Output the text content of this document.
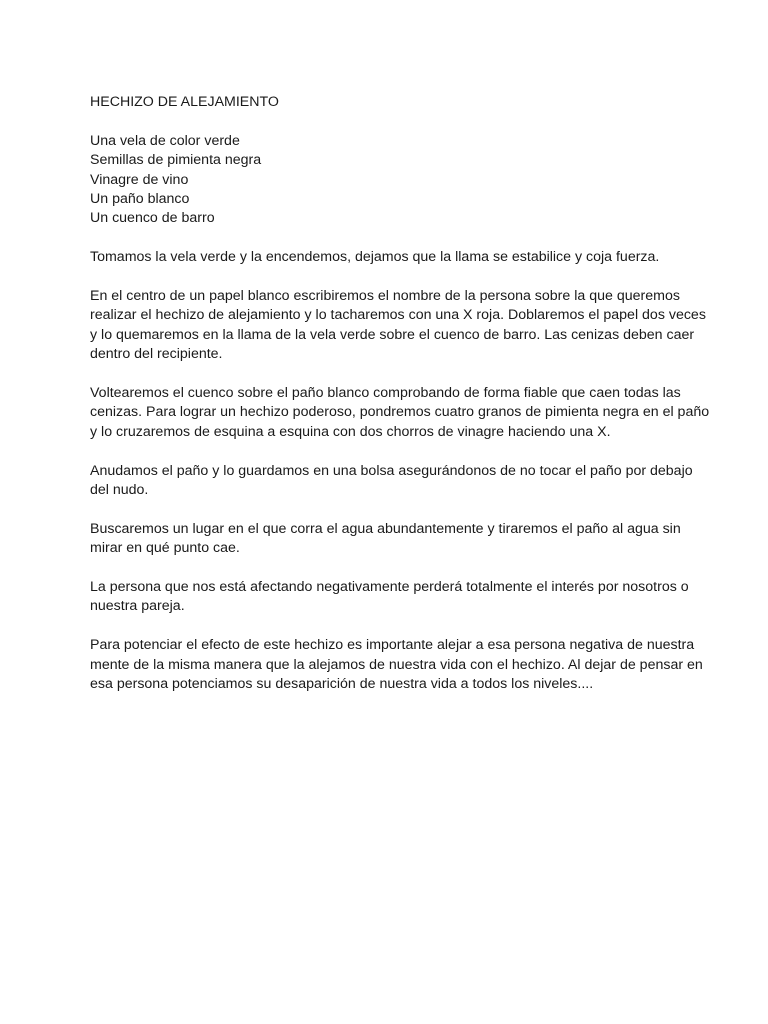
HECHIZO DE ALEJAMIENTO
Una vela de color verde
Semillas de pimienta negra
Vinagre de vino
Un paño blanco
Un cuenco de barro

Tomamos la vela verde y la encendemos, dejamos que la llama se estabilice y coja fuerza.

En el centro de un papel blanco escribiremos el nombre de la persona sobre la que queremos realizar el hechizo de alejamiento y lo tacharemos con una X roja. Doblaremos el papel dos veces y lo quemaremos en la llama de la vela verde sobre el cuenco de barro. Las cenizas deben caer dentro del recipiente.

Voltearemos el cuenco sobre el paño blanco comprobando de forma fiable que caen todas las cenizas. Para lograr un hechizo poderoso, pondremos cuatro granos de pimienta negra en el paño y lo cruzaremos de esquina a esquina con dos chorros de vinagre haciendo una X.

Anudamos el paño y lo guardamos en una bolsa asegurándonos de no tocar el paño por debajo del nudo.

Buscaremos un lugar en el que corra el agua abundantemente y tiraremos el paño al agua sin mirar en qué punto cae.

La persona que nos está afectando negativamente perderá totalmente el interés por nosotros o nuestra pareja.

Para potenciar el efecto de este hechizo es importante alejar a esa persona negativa de nuestra mente de la misma manera que la alejamos de nuestra vida con el hechizo. Al dejar de pensar en esa persona potenciamos su desaparición de nuestra vida a todos los niveles....
